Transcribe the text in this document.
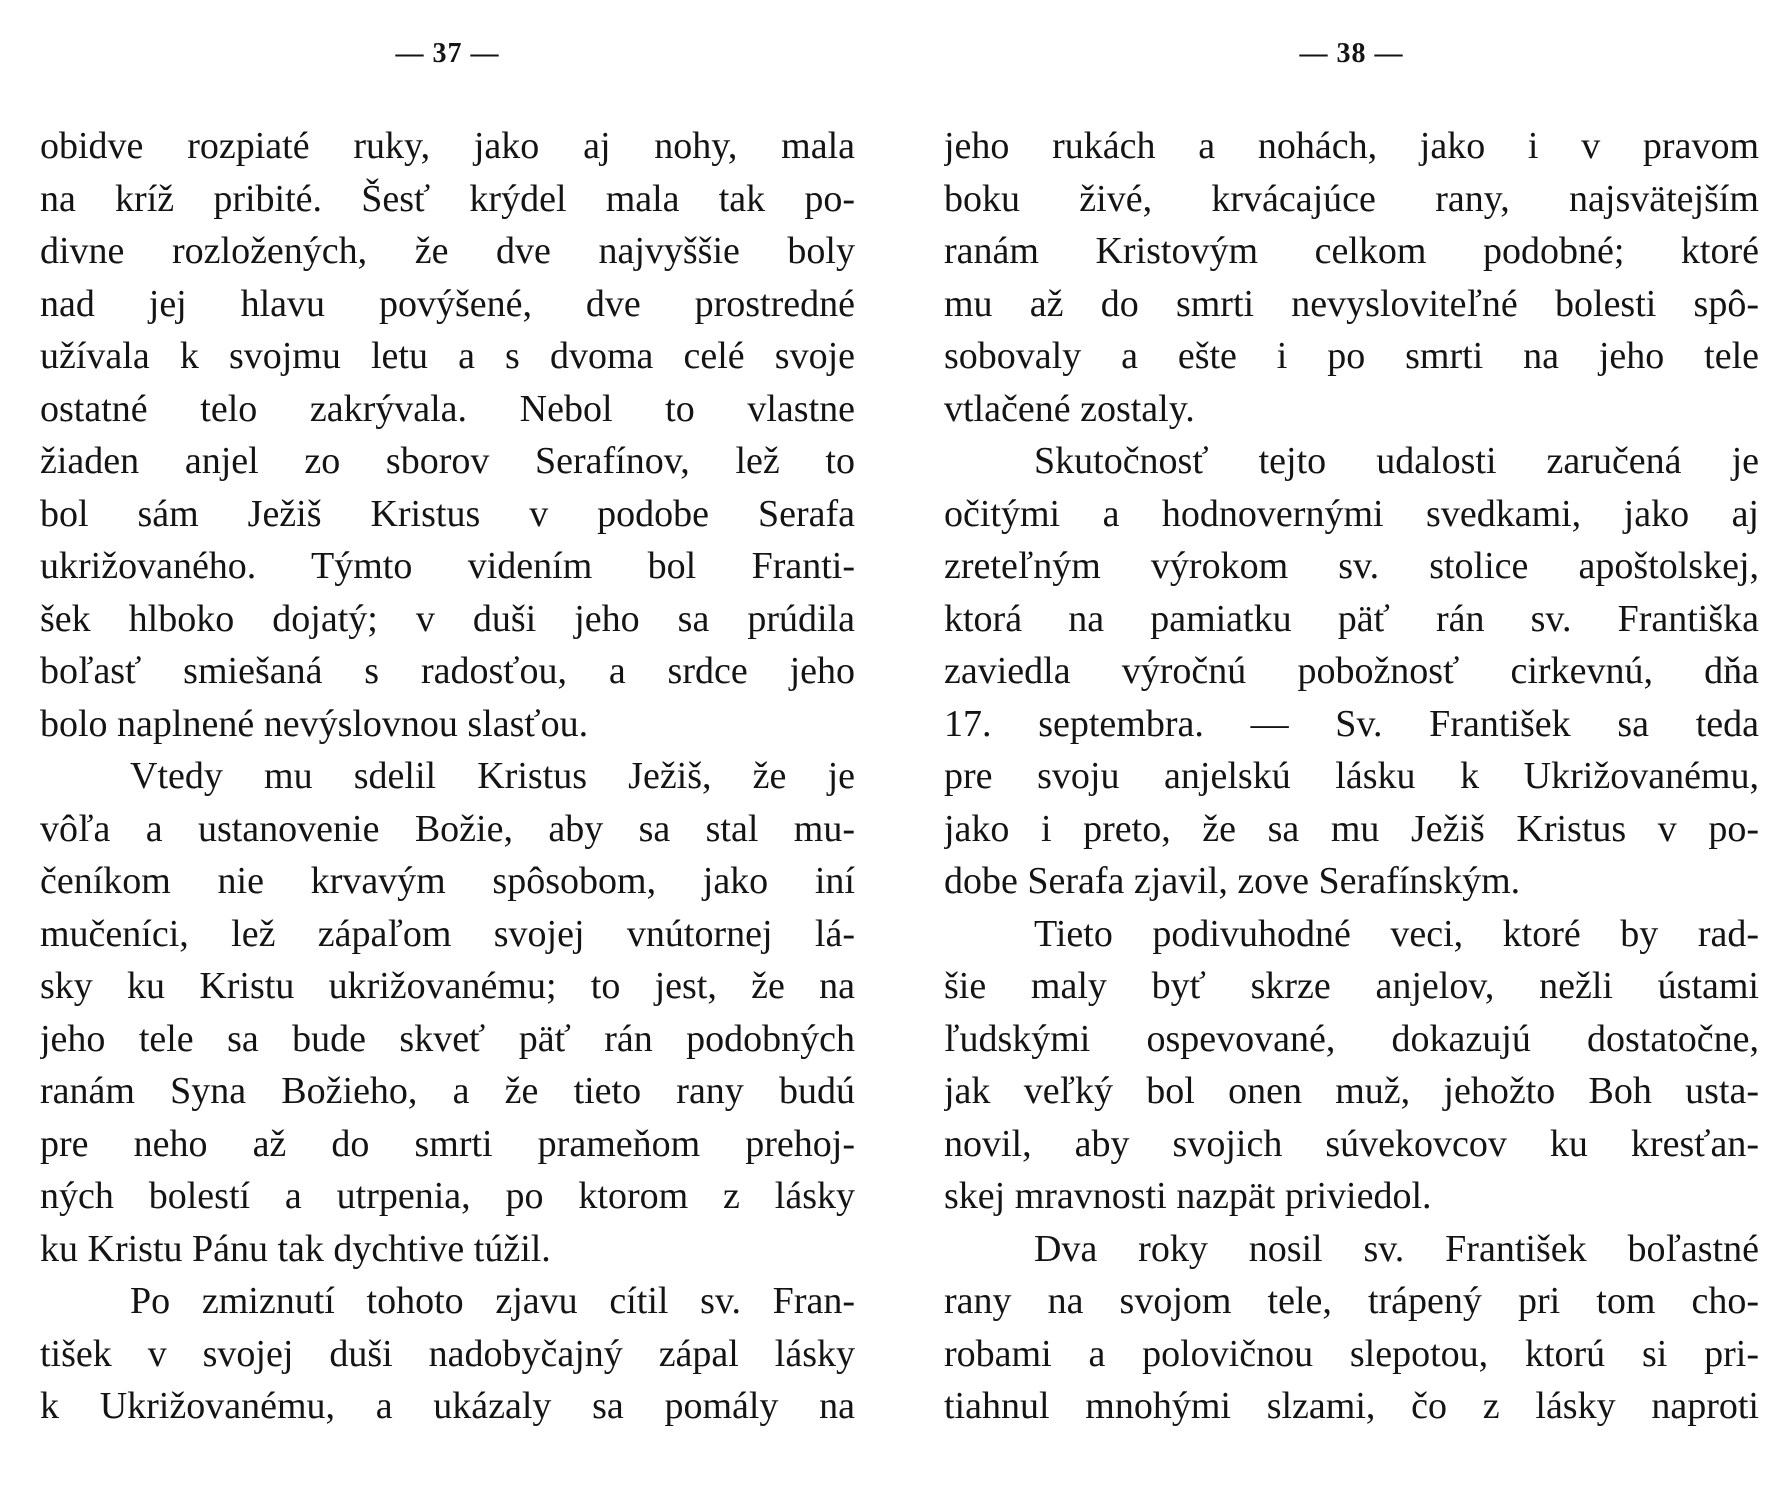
— 37 —
obidve rozpiaté ruky, jako aj nohy, mala
na kríž pribité. Šesť krýdel mala tak po-
divne rozložených, že dve najvyššie boly
nad jej hlavu povýšené, dve prostredné
užívala k svojmu letu a s dvoma celé svoje
ostatné telo zakrývala. Nebol to vlastne
žiaden anjel zo sborov Serafínov, lež to
bol sám Ježiš Kristus v podobe Serafa
ukrižovaného. Týmto videním bol Franti-
šek hlboko dojatý; v duši jeho sa prúdila
boľasť smiešaná s radosťou, a srdce jeho
bolo naplnené nevýslovnou slasťou.
Vtedy mu sdelil Kristus Ježiš, že je
vôľa a ustanovenie Božie, aby sa stal mu-
čeníkom nie krvavým spôsobom, jako iní
mučeníci, lež zápaľom svojej vnútornej lá-
sky ku Kristu ukrižovanému; to jest, že na
jeho tele sa bude skveť päť rán podobných
ranám Syna Božieho, a že tieto rany budú
pre neho až do smrti prameňom prehoj-
ných bolestí a utrpenia, po ktorom z lásky
ku Kristu Pánu tak dychtive túžil.
Po zmiznutí tohoto zjavu cítil sv. Fran-
tišek v svojej duši nadobyčajný zápal lásky
k Ukrižovanému, a ukázaly sa pomály na
— 38 —
jeho rukách a nohách, jako i v pravom
boku živé, krvácajúce rany, najsvätejším
ranám Kristovým celkom podobné; ktoré
mu až do smrti nevysloviteľné bolesti spô-
sobovaly a ešte i po smrti na jeho tele
vtlačené zostaly.
Skutočnosť tejto udalosti zaručená je
očitými a hodnovernými svedkami, jako aj
zreteľným výrokom sv. stolice apoštolskej,
ktorá na pamiatku päť rán sv. Františka
zaviedla výročnú pobožnosť cirkevnú, dňa
17. septembra. — Sv. František sa teda
pre svoju anjelskú lásku k Ukrižovanému,
jako i preto, že sa mu Ježiš Kristus v po-
dobe Serafa zjavil, zove Serafínským.
Tieto podivuhodné veci, ktoré by rad-
šie maly byť skrze anjelov, nežli ústami
ľudskými ospevované, dokazujú dostatočne,
jak veľký bol onen muž, jehožto Boh usta-
novil, aby svojich súvekovcov ku kresťan-
skej mravnosti nazpät priviedol.
Dva roky nosil sv. František boľastné
rany na svojom tele, trápený pri tom cho-
robami a polovičnou slepotou, ktorú si pri-
tiahnul mnohými slzami, čo z lásky naproti
